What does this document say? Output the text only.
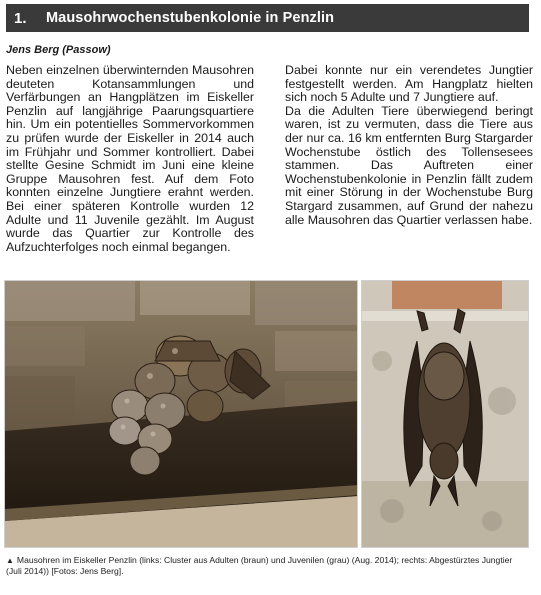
1.	Mausohrwochenstubenkolonie in Penzlin
Jens Berg (Passow)

Neben einzelnen überwinternden Mausohren deuteten Kotansammlungen und Verfärbungen an Hangplätzen im Eiskeller Penzlin auf langjährige Paarungsquartiere hin. Um ein potentielles Sommervorkommen zu prüfen wurde der Eiskeller in 2014 auch im Frühjahr und Sommer kontrolliert. Dabei stellte Gesine Schmidt im Juni eine kleine Gruppe Mausohren fest. Auf dem Foto konnten einzelne Jungtiere erahnt werden. Bei einer späteren Kontrolle wurden 12 Adulte und 11 Juvenile gezählt. Im August wurde das Quartier zur Kontrolle des Aufzuchterfolges noch einmal begangen.

Dabei konnte nur ein verendetes Jungtier festgestellt werden. Am Hangplatz hielten sich noch 5 Adulte und 7 Jungtiere auf.

Da die Adulten Tiere überwiegend beringt waren, ist zu vermuten, dass die Tiere aus der nur ca. 16 km entfernten Burg Stargarder Wochenstube östlich des Tollensesees stammen. Das Auftreten einer Wochenstubenkolonie in Penzlin fällt zudem mit einer Störung in der Wochenstube Burg Stargard zusammen, auf Grund der nahezu alle Mausohren das Quartier verlassen habe.

▲ Mausohren im Eiskeller Penzlin (links: Cluster aus Adulten (braun) und Juvenilen (grau) (Aug. 2014); rechts: Abgestürztes Jungtier (Juli 2014)) [Fotos: Jens Berg].
